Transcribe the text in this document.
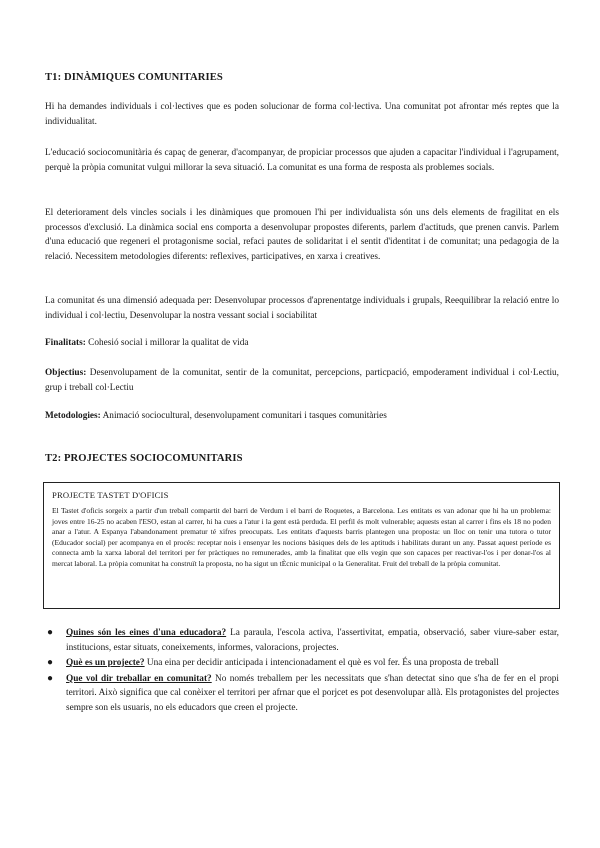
T1: DINÀMIQUES COMUNITARIES

Hi ha demandes individuals i col·lectives que es poden solucionar de forma col·lectiva. Una comunitat pot afrontar més reptes que la individualitat.

L'educació sociocomunitària és capaç de generar, d'acompanyar, de propiciar processos que ajuden a capacitar l'individual i l'agrupament, perquè la pròpia comunitat vulgui millorar la seva situació. La comunitat es una forma de resposta als problemes socials.

El deteriorament dels vincles socials i les dinàmiques que promouen l'hi per individualista són uns dels elements de fragilitat en els processos d'exclusió. La dinàmica social ens comporta a desenvolupar propostes diferents, parlem d'actituds, que prenen canvis. Parlem d'una educació que regeneri el protagonisme social, refaci pautes de solidaritat i el sentit d'identitat i de comunitat; una pedagogia de la relació. Necessitem metodologies diferents: reflexives, participatives, en xarxa i creatives.

La comunitat és una dimensió adequada per: Desenvolupar processos d'aprenentatge individuals i grupals, Reequilibrar la relació entre lo individual i col·lectiu, Desenvolupar la nostra vessant social i sociabilitat

Finalitats: Cohesió social i millorar la qualitat de vida

Objectius: Desenvolupament de la comunitat, sentir de la comunitat, percepcions, particpació, empoderament individual i col·Lectiu, grup i treball col·Lectiu

Metodologies: Animació sociocultural, desenvolupament comunitari i tasques comunitàries

T2: PROJECTES SOCIOCOMUNITARIS

PROJECTE TASTET D'OFICIS

El Tastet d'oficis sorgeix a partir d'un treball compartit del barri de Verdum i el barri de Roquetes, a Barcelona. Les entitats es van adonar que hi ha un problema: joves entre 16-25 no acaben l'ESO, estan al carrer, hi ha cues a l'atur i la gent està perduda. El perfil és molt vulnerable; aquests estan al carrer i fins els 18 no poden anar a l'atur. A Espanya l'abandonament prematur té xifres preocupats. Les entitats d'aquests barris plantegen una proposta: un lloc on tenir una tutora o tutor (Educador social) per acompanya en el procés: receptar nois i ensenyar les nocions bàsiques dels de les aptituds i habilitats durant un any. Passat aquest període es connecta amb la xarxa laboral del territori per fer pràctiques no remunerades, amb la finalitat que ells vegin que son capaces per reactivar-l'os i per donar-l'os al mercat laboral. La pròpia comunitat ha construït la proposta, no ha sigut un tÈcnic municipal o la Generalitat. Fruit del treball de la pròpia comunitat.

● Quines són les eines d'una educadora? La paraula, l'escola activa, l'assertivitat, empatia, observació, saber viure-saber estar, institucions, estar situats, coneixements, informes, valoracions, projectes.
● Què es un projecte? Una eina per decidir anticipada i intencionadament el què es vol fer. És una proposta de treball
● Que vol dir treballar en comunitat? No només treballem per les necessitats que s'han detectat sino que s'ha de fer en el propi territori. Això significa que cal conèixer el territori per afrnar que el porjcet es pot desenvolupar allà. Els protagonistes del projectes sempre son els usuaris, no els educadors que creen el projecte.
